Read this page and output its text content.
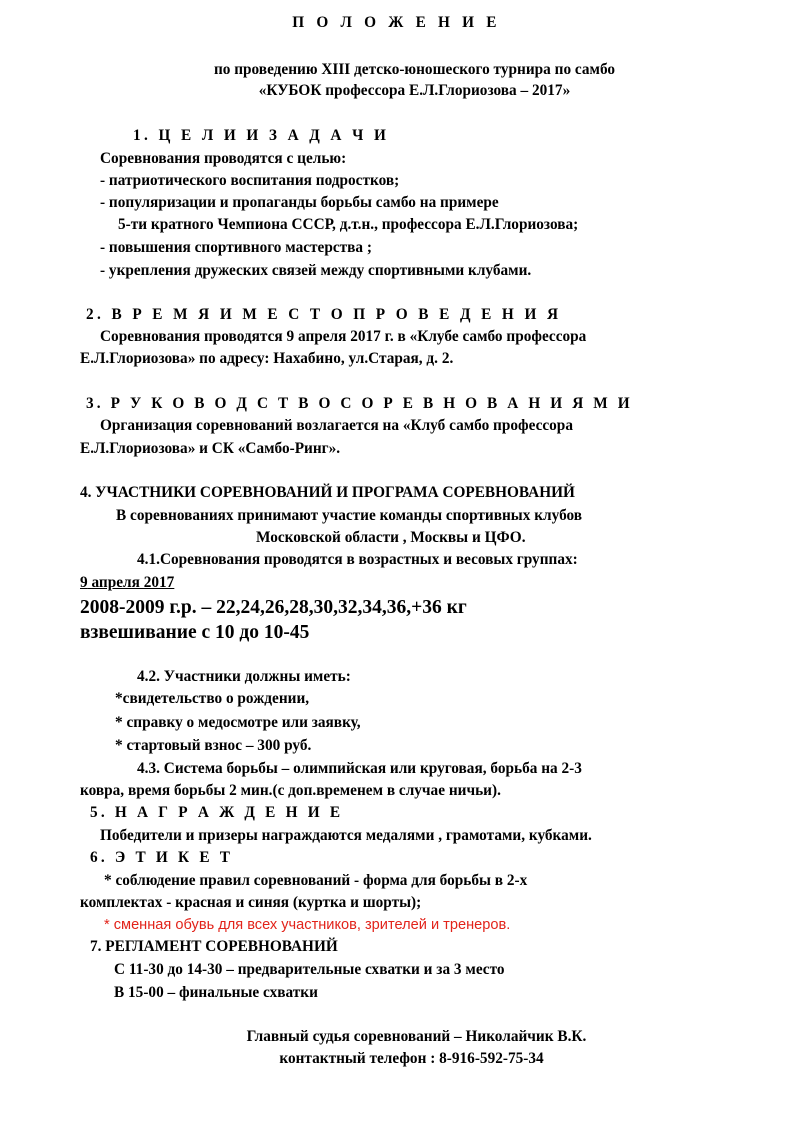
П О Л О Ж Е Н И Е
по проведению XIII детско-юношеского турнира по самбо
«КУБОК профессора Е.Л.Глориозова – 2017»
1. Ц Е Л И И З А Д А Ч И
Соревнования проводятся с целью:
- патриотического воспитания подростков;
- популяризации и пропаганды борьбы самбо на примере
5-ти кратного Чемпиона СССР, д.т.н., профессора Е.Л.Глориозова;
- повышения спортивного мастерства ;
- укрепления дружеских связей между спортивными клубами.
2. В Р Е М Я И М Е С Т О П Р О В Е Д Е Н И Я
Соревнования проводятся 9 апреля 2017 г. в «Клубе самбо профессора
Е.Л.Глориозова» по адресу: Нахабино, ул.Старая, д. 2.
3. Р У К О В О Д С Т В О С О Р Е В Н О В А Н И Я М И
Организация соревнований возлагается на «Клуб самбо профессора
Е.Л.Глориозова» и СК «Самбо-Ринг».
4. УЧАСТНИКИ СОРЕВНОВАНИЙ И ПРОГРАМА СОРЕВНОВАНИЙ
В соревнованиях принимают участие команды спортивных клубов
Московской области , Москвы и ЦФО.
4.1.Соревнования проводятся в возрастных и весовых группах:
9 апреля 2017
2008-2009 г.р. – 22,24,26,28,30,32,34,36,+36 кг
взвешивание с 10 до 10-45
4.2. Участники должны иметь:
*свидетельство о рождении,
* справку о медосмотре или заявку,
* стартовый взнос – 300 руб.
4.3. Система борьбы – олимпийская или круговая, борьба на 2-3
ковра, время борьбы 2 мин.(с доп.временем в случае ничьи).
5. Н А Г Р А Ж Д Е Н И Е
Победители и призеры награждаются медалями , грамотами, кубками.
6. Э Т И К Е Т
* соблюдение правил соревнований - форма для борьбы в 2-х
комплектах - красная и синяя (куртка и шорты);
* сменная обувь для всех участников, зрителей и тренеров.
7. РЕГЛАМЕНТ СОРЕВНОВАНИЙ
С 11-30 до 14-30 – предварительные схватки и за 3 место
В 15-00 – финальные схватки
Главный судья соревнований – Николайчик В.К.
контактный телефон : 8-916-592-75-34
